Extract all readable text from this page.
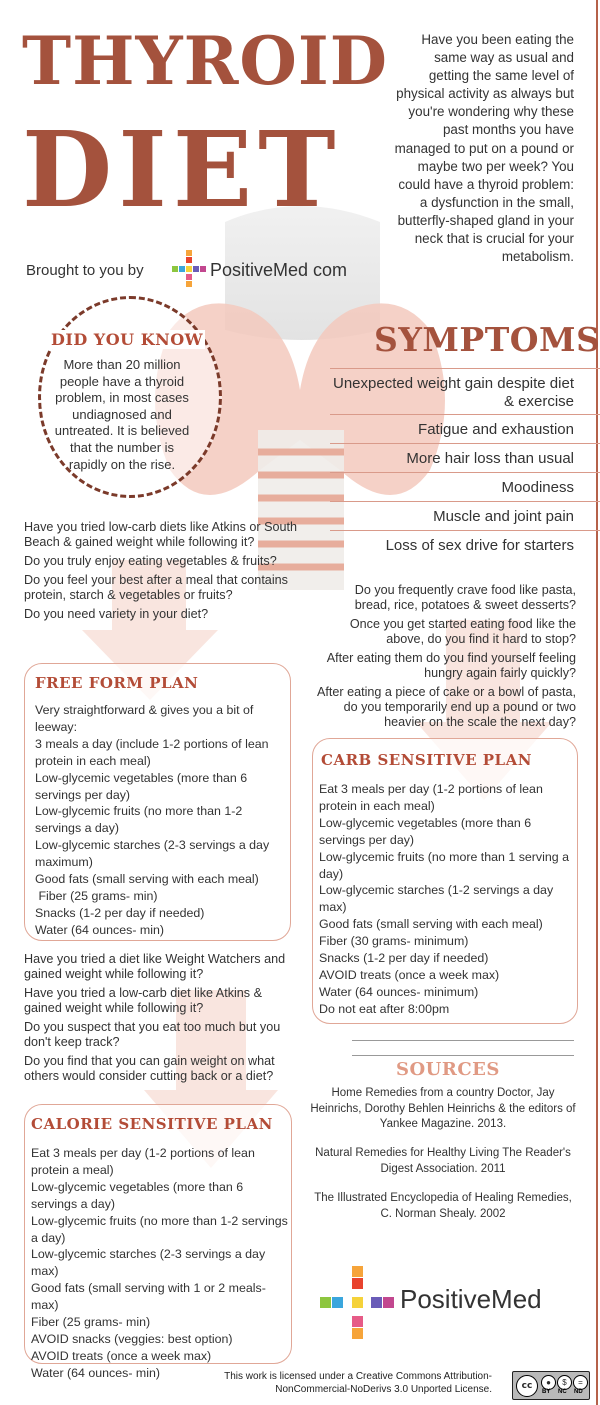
THYROID
DIET
Brought to you by	PositiveMed com
Have you been eating the same way as usual and getting the same level of physical activity as always but you're wondering why these past months you have managed to put on a pound or maybe two per week? You could have a thyroid problem: a dysfunction in the small, butterfly-shaped gland in your neck that is crucial for your metabolism.
DID YOU KNOW
More than 20 million people have a thyroid problem, in most cases undiagnosed and untreated. It is believed that the number is rapidly on the rise.
SYMPTOMS
Unexpected weight gain despite diet & exercise
Fatigue and exhaustion
More hair loss than usual
Moodiness
Muscle and joint pain
Loss of sex drive for starters

Have you tried low-carb diets like Atkins or South Beach & gained weight while following it?

Do you truly enjoy eating vegetables & fruits?

Do you feel your best after a meal that contains protein, starch & vegetables or fruits?

Do you need variety in your diet?

Do you frequently crave food like pasta, bread, rice, potatoes & sweet desserts?

Once you get started eating food like the above, do you find it hard to stop?

After eating them do you find yourself feeling hungry again fairly quickly?

After eating a piece of cake or a bowl of pasta, do you temporarily end up a pound or two heavier on the scale the next day?

FREE FORM PLAN
Very straightforward & gives you a bit of leeway:
3 meals a day (include 1-2 portions of lean protein in each meal)
Low-glycemic vegetables (more than 6 servings per day)
Low-glycemic fruits (no more than 1-2 servings a day)
Low-glycemic starches (2-3 servings a day maximum)
Good fats (small serving with each meal)
Fiber (25 grams- min)
Snacks (1-2 per day if needed)
Water (64 ounces- min)
CARB SENSITIVE PLAN
Eat 3 meals per day (1-2 portions of lean protein in each meal)
Low-glycemic vegetables (more than 6 servings per day)
Low-glycemic fruits (no more than 1 serving a day)
Low-glycemic starches (1-2 servings a day max)
Good fats (small serving with each meal)
Fiber (30 grams- minimum)
Snacks (1-2 per day if needed)
AVOID treats (once a week max)
Water (64 ounces- minimum)
Do not eat after 8:00pm

Have you tried a diet like Weight Watchers and gained weight while following it?

Have you tried a low-carb diet like Atkins & gained weight while following it?

Do you suspect that you eat too much but you don't keep track?

Do you find that you can gain weight on what others would consider cutting back or a diet?

CALORIE SENSITIVE PLAN
Eat 3 meals per day (1-2 portions of lean protein a meal)
Low-glycemic vegetables (more than 6 servings a day)
Low-glycemic fruits (no more than 1-2 servings a day)
Low-glycemic starches (2-3 servings a day max)
Good fats (small serving with 1 or 2 meals-max)
Fiber (25 grams- min)
AVOID snacks (veggies: best option)
AVOID treats (once a week max)
Water (64 ounces- min)
SOURCES
Home Remedies from a country Doctor, Jay Heinrichs, Dorothy Behlen Heinrichs & the editors of Yankee Magazine. 2013.
Natural Remedies for Healthy Living The Reader's Digest Association. 2011
The Illustrated Encyclopedia of Healing Remedies, C. Norman Shealy. 2002
PositiveMed
This work is licensed under a Creative Commons Attribution-NonCommercial-NoDerivs 3.0 Unported License.	cc	●	$	=
BY NC ND
